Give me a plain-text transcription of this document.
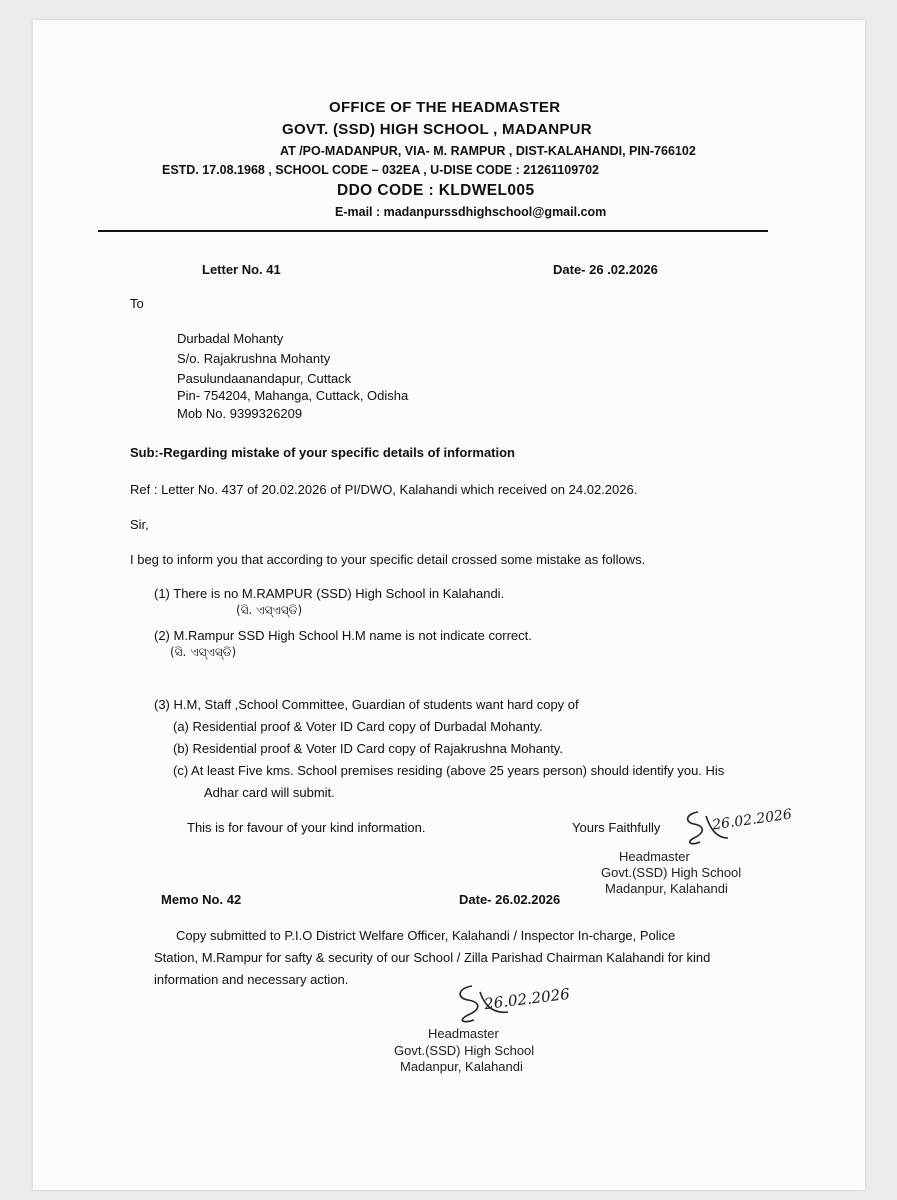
OFFICE OF THE HEADMASTER
GOVT. (SSD) HIGH SCHOOL , MADANPUR
AT /PO-MADANPUR, VIA- M. RAMPUR , DIST-KALAHANDI, PIN-766102
ESTD. 17.08.1968 , SCHOOL CODE – 032EA , U-DISE CODE : 21261109702
DDO CODE : KLDWEL005
E-mail : madanpurssdhighschool@gmail.com
Letter No. 41	Date- 26 .02.2026
To
Durbadal Mohanty
S/o. Rajakrushna Mohanty
Pasulundaanandapur, Cuttack
Pin- 754204, Mahanga, Cuttack, Odisha
Mob No. 9399326209
Sub:-Regarding mistake of your specific details of information
Ref : Letter No. 437 of 20.02.2026 of PI/DWO, Kalahandi which received on 24.02.2026.
Sir,
I beg to inform you that according to your specific detail crossed some mistake as follows.
(1) There is no M.RAMPUR (SSD) High School in Kalahandi.
(ସି. ଏସ୍‌ଏସ୍‌ଡି)
(2) M.Rampur SSD High School H.M name is not indicate correct.
(ସି. ଏସ୍‌ଏସ୍‌ଡି)
(3) H.M, Staff ,School Committee, Guardian of students want hard copy of
(a) Residential proof & Voter ID Card copy of Durbadal Mohanty.
(b) Residential proof & Voter ID Card copy of Rajakrushna Mohanty.
(c) At least Five kms. School premises residing (above 25 years person) should identify you. His
Adhar card will submit.
This is for favour of your kind information.	Yours Faithfully	26.02.2026
Headmaster
Govt.(SSD) High School
Madanpur, Kalahandi
Memo No. 42	Date- 26.02.2026
Copy submitted to P.I.O District Welfare Officer, Kalahandi / Inspector In-charge, Police
Station, M.Rampur for safty & security of our School / Zilla Parishad Chairman Kalahandi for kind
information and necessary action.
26.02.2026
Headmaster
Govt.(SSD) High School
Madanpur, Kalahandi
